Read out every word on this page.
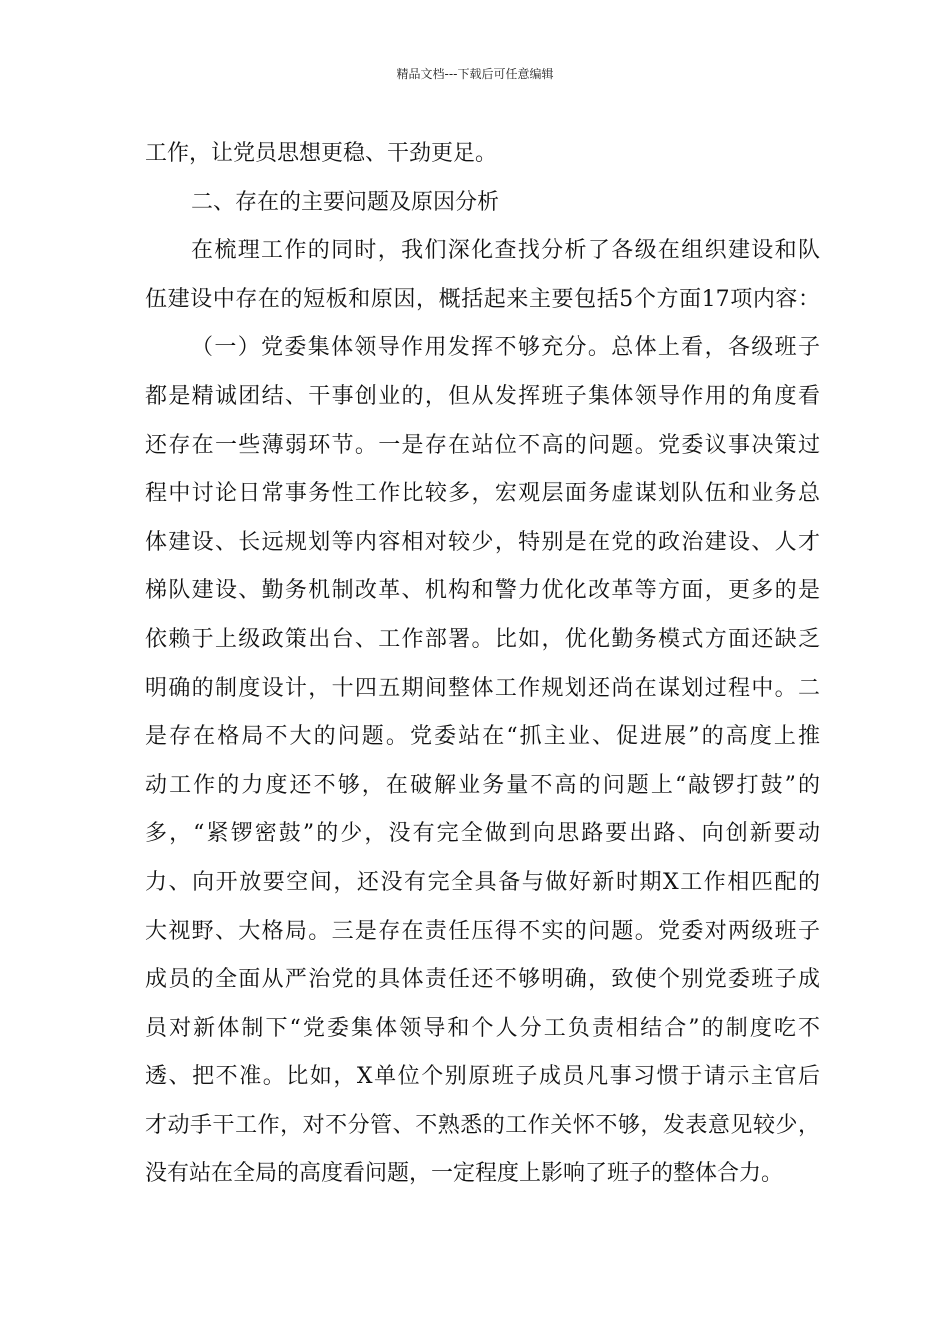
精品文档---下载后可任意编辑
工作，让党员思想更稳、干劲更足。
二、存在的主要问题及原因分析
在梳理工作的同时，我们深化查找分析了各级在组织建设和队
伍建设中存在的短板和原因，概括起来主要包括5个方面17项内容：
（一）党委集体领导作用发挥不够充分。总体上看，各级班子
都是精诚团结、干事创业的，但从发挥班子集体领导作用的角度看
还存在一些薄弱环节。一是存在站位不高的问题。党委议事决策过
程中讨论日常事务性工作比较多，宏观层面务虚谋划队伍和业务总
体建设、长远规划等内容相对较少，特别是在党的政治建设、人才
梯队建设、勤务机制改革、机构和警力优化改革等方面，更多的是
依赖于上级政策出台、工作部署。比如，优化勤务模式方面还缺乏
明确的制度设计，十四五期间整体工作规划还尚在谋划过程中。二
是存在格局不大的问题。党委站在“抓主业、促进展”的高度上推
动工作的力度还不够，在破解业务量不高的问题上“敲锣打鼓”的
多，“紧锣密鼓”的少，没有完全做到向思路要出路、向创新要动
力、向开放要空间，还没有完全具备与做好新时期X工作相匹配的
大视野、大格局。三是存在责任压得不实的问题。党委对两级班子
成员的全面从严治党的具体责任还不够明确，致使个别党委班子成
员对新体制下“党委集体领导和个人分工负责相结合”的制度吃不
透、把不准。比如，X单位个别原班子成员凡事习惯于请示主官后
才动手干工作，对不分管、不熟悉的工作关怀不够，发表意见较少，
没有站在全局的高度看问题，一定程度上影响了班子的整体合力。
